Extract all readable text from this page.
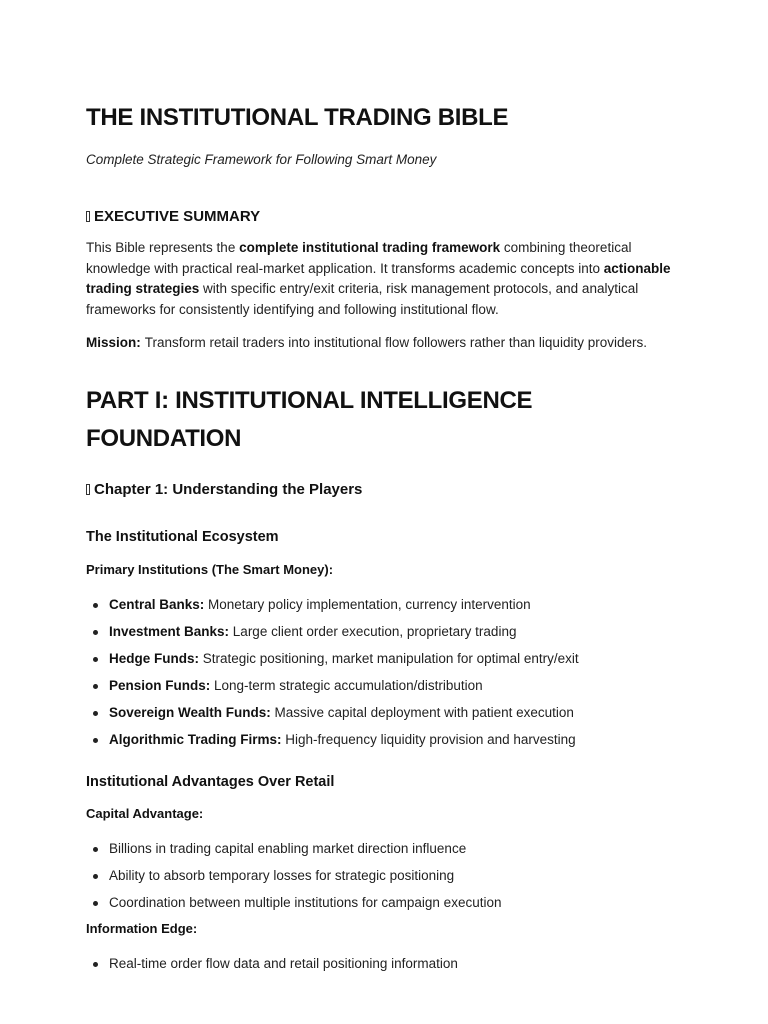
THE INSTITUTIONAL TRADING BIBLE

Complete Strategic Framework for Following Smart Money

EXECUTIVE SUMMARY

This Bible represents the complete institutional trading framework combining theoretical knowledge with practical real-market application. It transforms academic concepts into actionable trading strategies with specific entry/exit criteria, risk management protocols, and analytical frameworks for consistently identifying and following institutional flow.

Mission: Transform retail traders into institutional flow followers rather than liquidity providers.

PART I: INSTITUTIONAL INTELLIGENCE FOUNDATION
Chapter 1: Understanding the Players
The Institutional Ecosystem

Primary Institutions (The Smart Money):

Central Banks: Monetary policy implementation, currency intervention
Investment Banks: Large client order execution, proprietary trading
Hedge Funds: Strategic positioning, market manipulation for optimal entry/exit
Pension Funds: Long-term strategic accumulation/distribution
Sovereign Wealth Funds: Massive capital deployment with patient execution
Algorithmic Trading Firms: High-frequency liquidity provision and harvesting
Institutional Advantages Over Retail

Capital Advantage:

Billions in trading capital enabling market direction influence
Ability to absorb temporary losses for strategic positioning
Coordination between multiple institutions for campaign execution

Information Edge:

Real-time order flow data and retail positioning information
